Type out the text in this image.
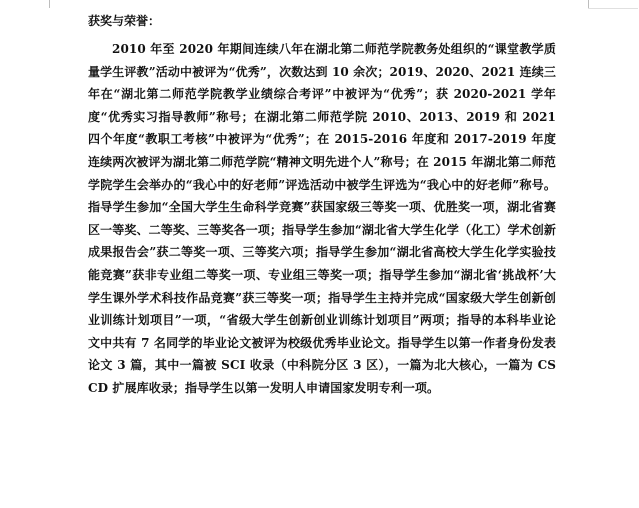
获奖与荣誉：

2010 年至 2020 年期间连续八年在湖北第二师范学院教务处组织的“课堂教学质量学生评教”活动中被评为“优秀”，次数达到 10 余次；2019、2020、2021 连续三年在“湖北第二师范学院教学业绩综合考评”中被评为“优秀”；获 2020-2021 学年度“优秀实习指导教师”称号；在湖北第二师范学院 2010、2013、2019 和 2021 四个年度“教职工考核”中被评为“优秀”；在 2015-2016 年度和 2017-2019 年度连续两次被评为湖北第二师范学院“精神文明先进个人”称号；在 2015 年湖北第二师范学院学生会举办的“我心中的好老师”评选活动中被学生评选为“我心中的好老师”称号。指导学生参加“全国大学生生命科学竞赛”获国家级三等奖一项、优胜奖一项，湖北省赛区一等奖、二等奖、三等奖各一项；指导学生参加“湖北省大学生化学（化工）学术创新成果报告会”获二等奖一项、三等奖六项；指导学生参加“湖北省高校大学生化学实验技能竞赛”获非专业组二等奖一项、专业组三等奖一项；指导学生参加“湖北省‘挑战杯’大学生课外学术科技作品竞赛”获三等奖一项；指导学生主持并完成“国家级大学生创新创业训练计划项目”一项，“省级大学生创新创业训练计划项目”两项；指导的本科毕业论文中共有 7 名同学的毕业论文被评为校级优秀毕业论文。指导学生以第一作者身份发表论文 3 篇，其中一篇被 SCI 收录（中科院分区 3 区），一篇为北大核心，一篇为 CSCD 扩展库收录；指导学生以第一发明人申请国家发明专利一项。
